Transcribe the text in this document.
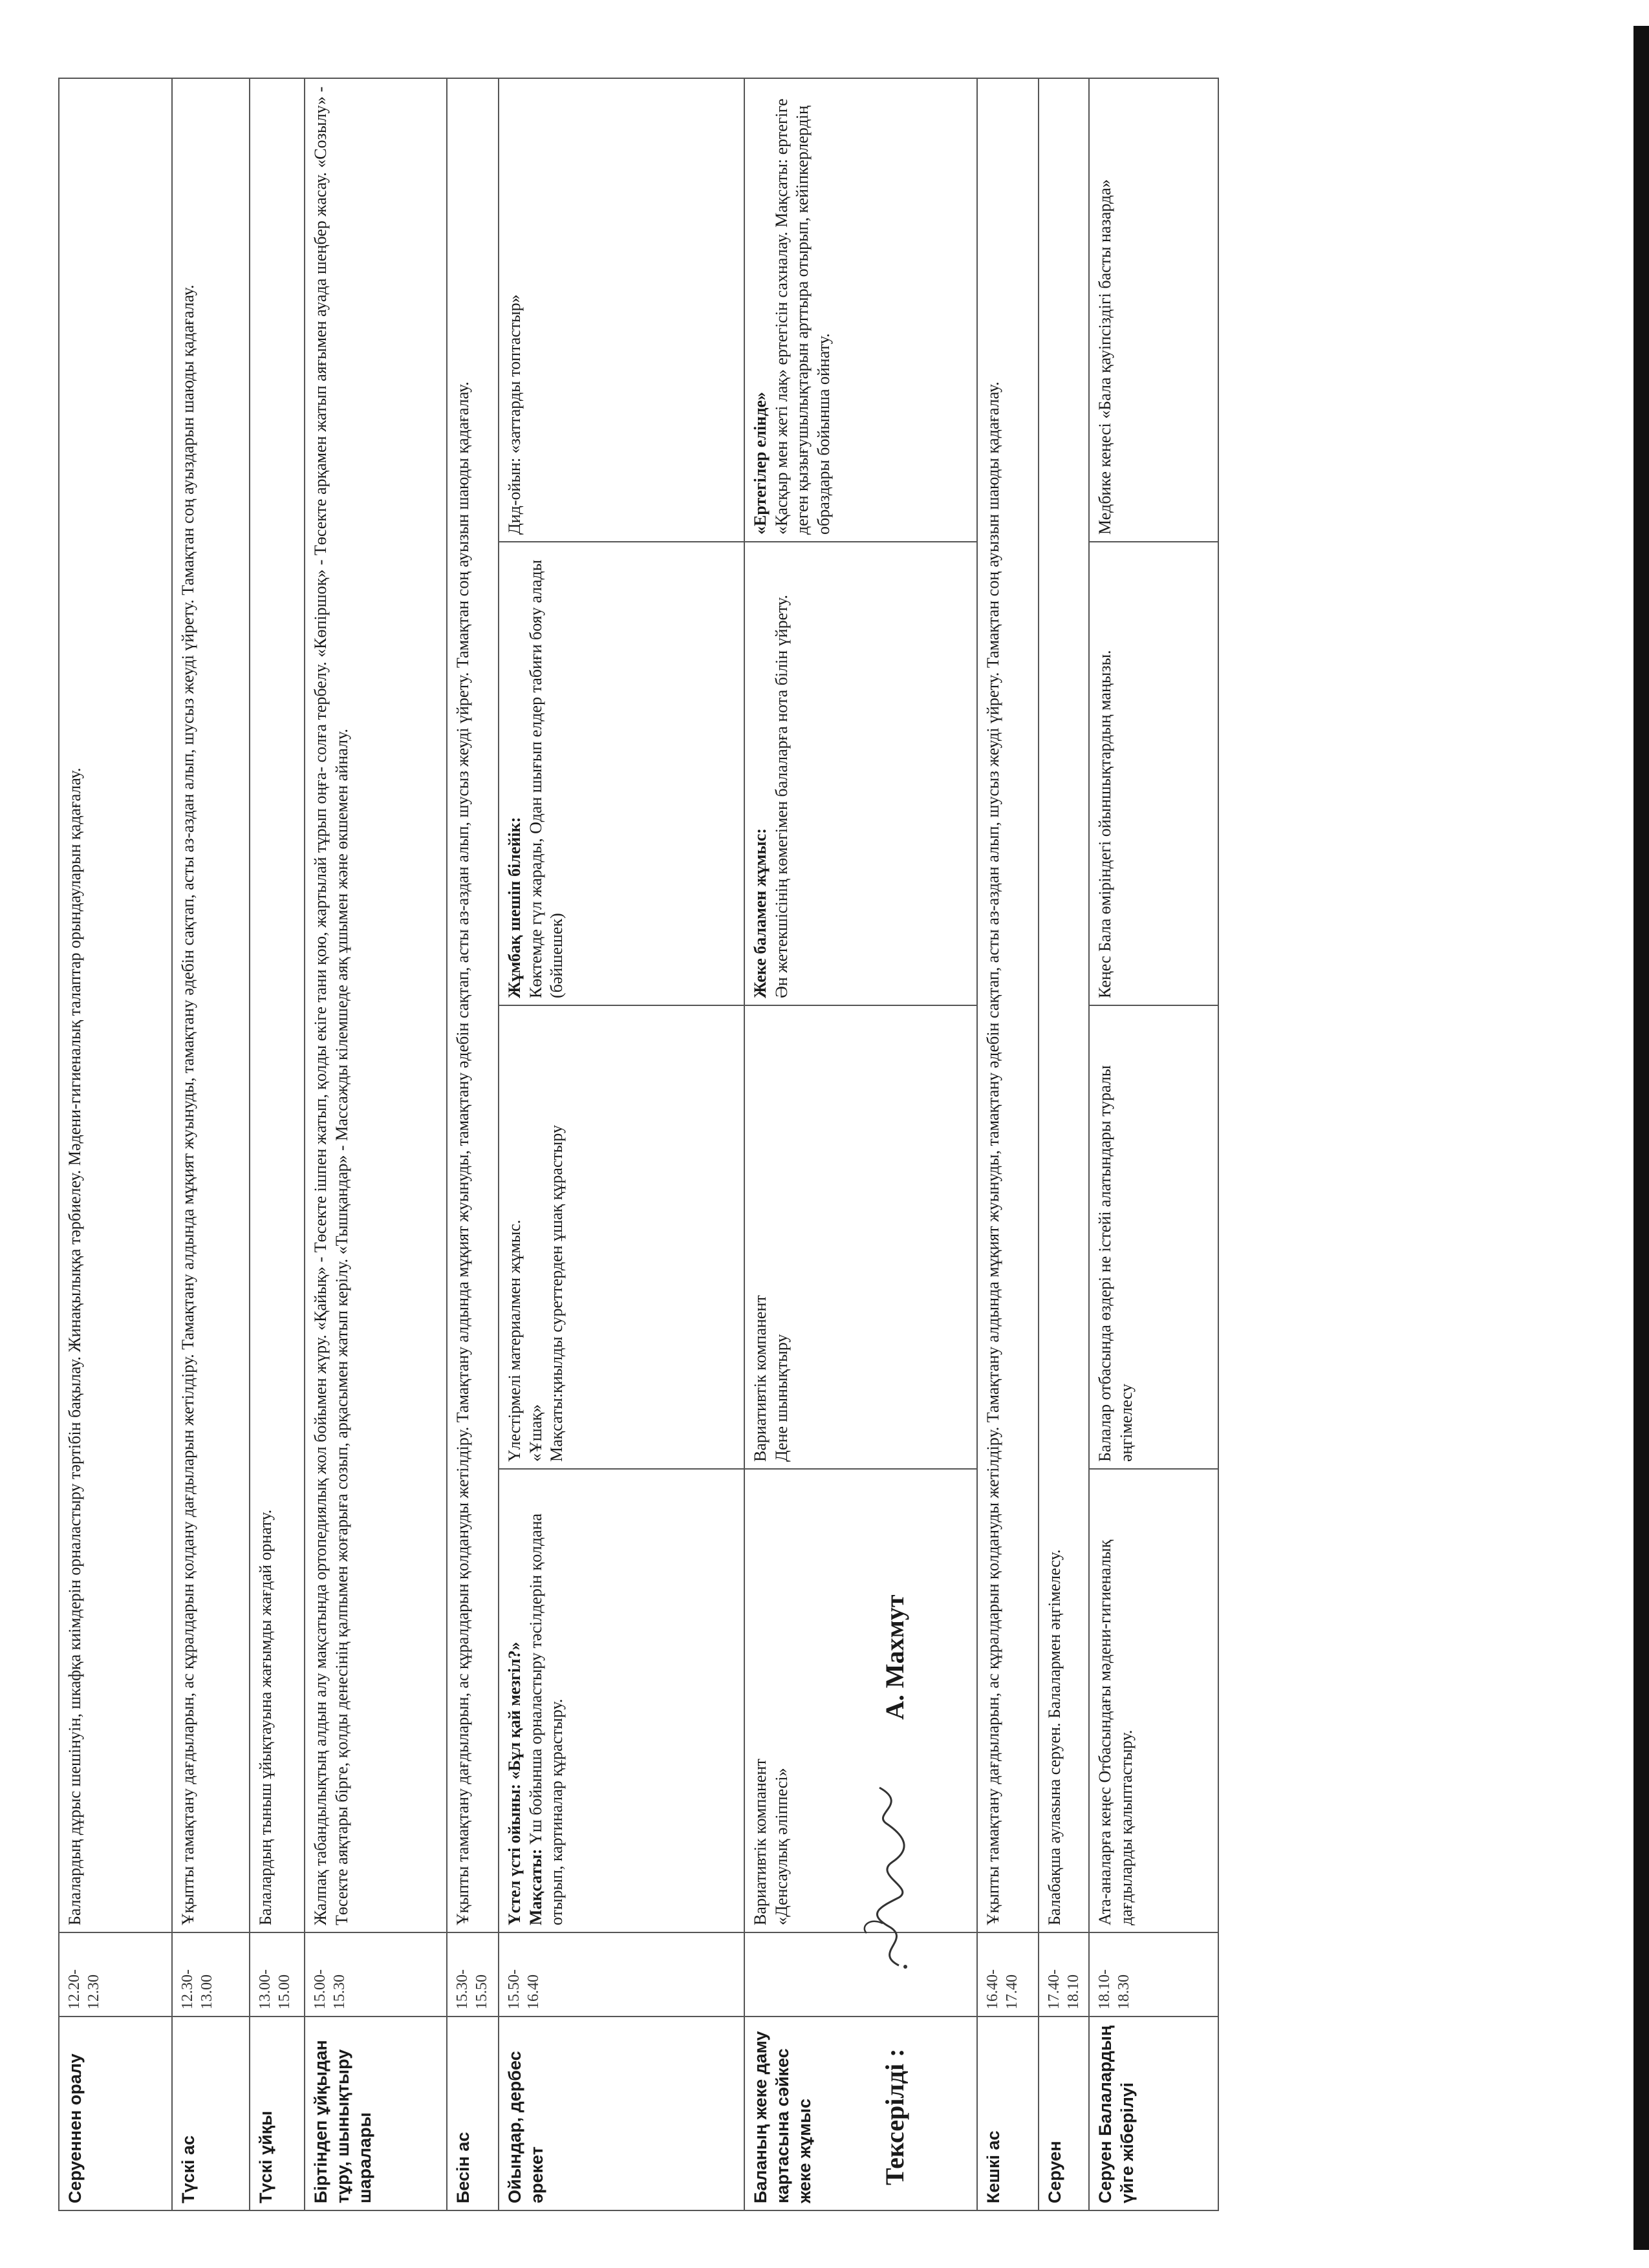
Серуеннен оралу	12.20-12.30	Балалардың дұрыс шешінуін, шкафқа киімдерін орналастыру тәртібін бақылау. Жинақылыққа тәрбиелеу. Мәдени-гигиеналық талаптар орындауларын қадағалау.			
Түскі ас	12.30-13.00	Ұқыпты тамақтану дағдыларын, ас құралдарын қолдану дағдыларын жетілдіру. Тамақтану алдында мұқият жуынуды, тамақтану әдебін сақтап, асты аз-аздан алып, шусыз жеуді үйрету. Тамақтан соң ауыздарын шаюды қадағалау.			
Түскі ұйқы	13.00-15.00	Балалардың тыныш ұйықтауына жағымды жағдай орнату.			
Біртіндеп ұйқыдан тұру, шынықтыру шаралары	15.00-15.30	Жалпақ табандылықтың алдын алу мақсатында ортопедиялық жол бойымен жүру. «Қайық» - Төсекте ішпен жатып, қолды екіге тани қою, жартылай тұрып оңға- солға тербелу. «Көпіршоқ» - Төсекте арқамен жатып аяғымен ауада шеңбер жасау. «Созылу» - Төсекте аяқтары бірге, қолды денесінің қалпымен жоғарыға созып, арқасымен жатып керілу. «Тышқандар» - Массажды кілемшеде аяқ ұшымен және өкшемен айналу.			
Бесін ас	15.30-15.50	Ұқыпты тамақтану дағдыларын, ас құралдарын қолдануды жетілдіру. Тамақтану алдында мұқият жуынуды, тамақтану әдебін сақтап, асты аз-аздан алып, шусыз жеуді үйрету. Тамақтан соң ауызын шаюды қадағалау.			
Ойындар, дербес әрекет	15.50-16.40	Үстел үсті ойыны: «Бұл қай мезгіл?» Мақсаты: Үш бойынша орналастыру тәсілдерін қолдана отырып, картиналар құрастыру.	Үлестірмелі материалмен жұмыс. «Ұшақ» Мақсаты:қиылды суреттерден ұшақ құрастыру	Жұмбақ шешіп білейік: Көктемде гүл жарады, Одан шығып елдер табиғи бояу алады (бәйшешек)	Дид-ойын: «заттарды топтастыр»
Баланың жеке даму картасына сәйкес жеке жұмыс		Вариативтік компанент «Денсаулық әліппесі»	Вариативтік компанент Дене шынықтыру	Жеке баламен жұмыс: Ән жетекшісінің көмегімен балаларға нота білін үйрету.	«Ертегілер елінде» «Қасқыр мен жеті лақ» ертегісін сахналау. Мақсаты: ертегіге деген қызығушылықтарын арттыра отырып, кейіпкерлердің образдары бойынша ойнату.
Кешкі ас	16.40-17.40	Ұқыпты тамақтану дағдыларын, ас құралдарын қолдануды жетілдіру. Тамақтану алдында мұқият жуынуды, тамақтану әдебін сақтап, асты аз-аздан алып, шусыз жеуді үйрету. Тамақтан соң ауызын шаюды қадағалау.			
Серуен	17.40-18.10	Балабақша аулasына серуен. Балалармен әңгімелесу.			
Серуен Балалардың үйге жіберілуі	18.10-18.30	Ата-аналарға кеңес Отбасындағы мәдени-гигиеналық дағдыларды қалыптастыру.	Балалар отбасында өздері не істейі алатындары туралы әңгімелесу	Кеңес Бала өміріндегі ойыншықтардың маңызы.	Медбике кеңесі «Бала қауіпсіздігі басты назарда»
Тексерілді :
А. Махмут
